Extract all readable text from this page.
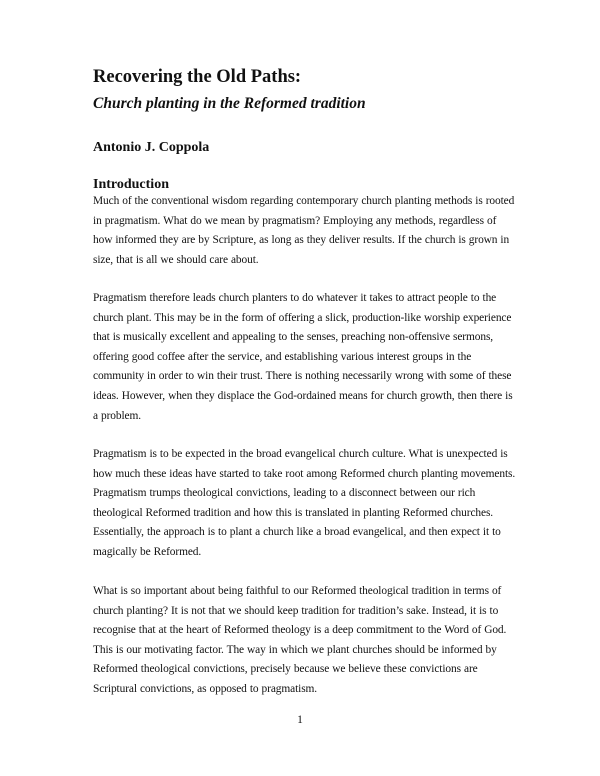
Recovering the Old Paths:
Church planting in the Reformed tradition
Antonio J. Coppola
Introduction

Much of the conventional wisdom regarding contemporary church planting methods is rooted
in pragmatism. What do we mean by pragmatism? Employing any methods, regardless of
how informed they are by Scripture, as long as they deliver results. If the church is grown in
size, that is all we should care about.

Pragmatism therefore leads church planters to do whatever it takes to attract people to the
church plant. This may be in the form of offering a slick, production-like worship experience
that is musically excellent and appealing to the senses, preaching non-offensive sermons,
offering good coffee after the service, and establishing various interest groups in the
community in order to win their trust. There is nothing necessarily wrong with some of these
ideas. However, when they displace the God-ordained means for church growth, then there is
a problem.

Pragmatism is to be expected in the broad evangelical church culture. What is unexpected is
how much these ideas have started to take root among Reformed church planting movements.
Pragmatism trumps theological convictions, leading to a disconnect between our rich
theological Reformed tradition and how this is translated in planting Reformed churches.
Essentially, the approach is to plant a church like a broad evangelical, and then expect it to
magically be Reformed.

What is so important about being faithful to our Reformed theological tradition in terms of
church planting? It is not that we should keep tradition for tradition’s sake. Instead, it is to
recognise that at the heart of Reformed theology is a deep commitment to the Word of God.
This is our motivating factor. The way in which we plant churches should be informed by
Reformed theological convictions, precisely because we believe these convictions are
Scriptural convictions, as opposed to pragmatism.

1
